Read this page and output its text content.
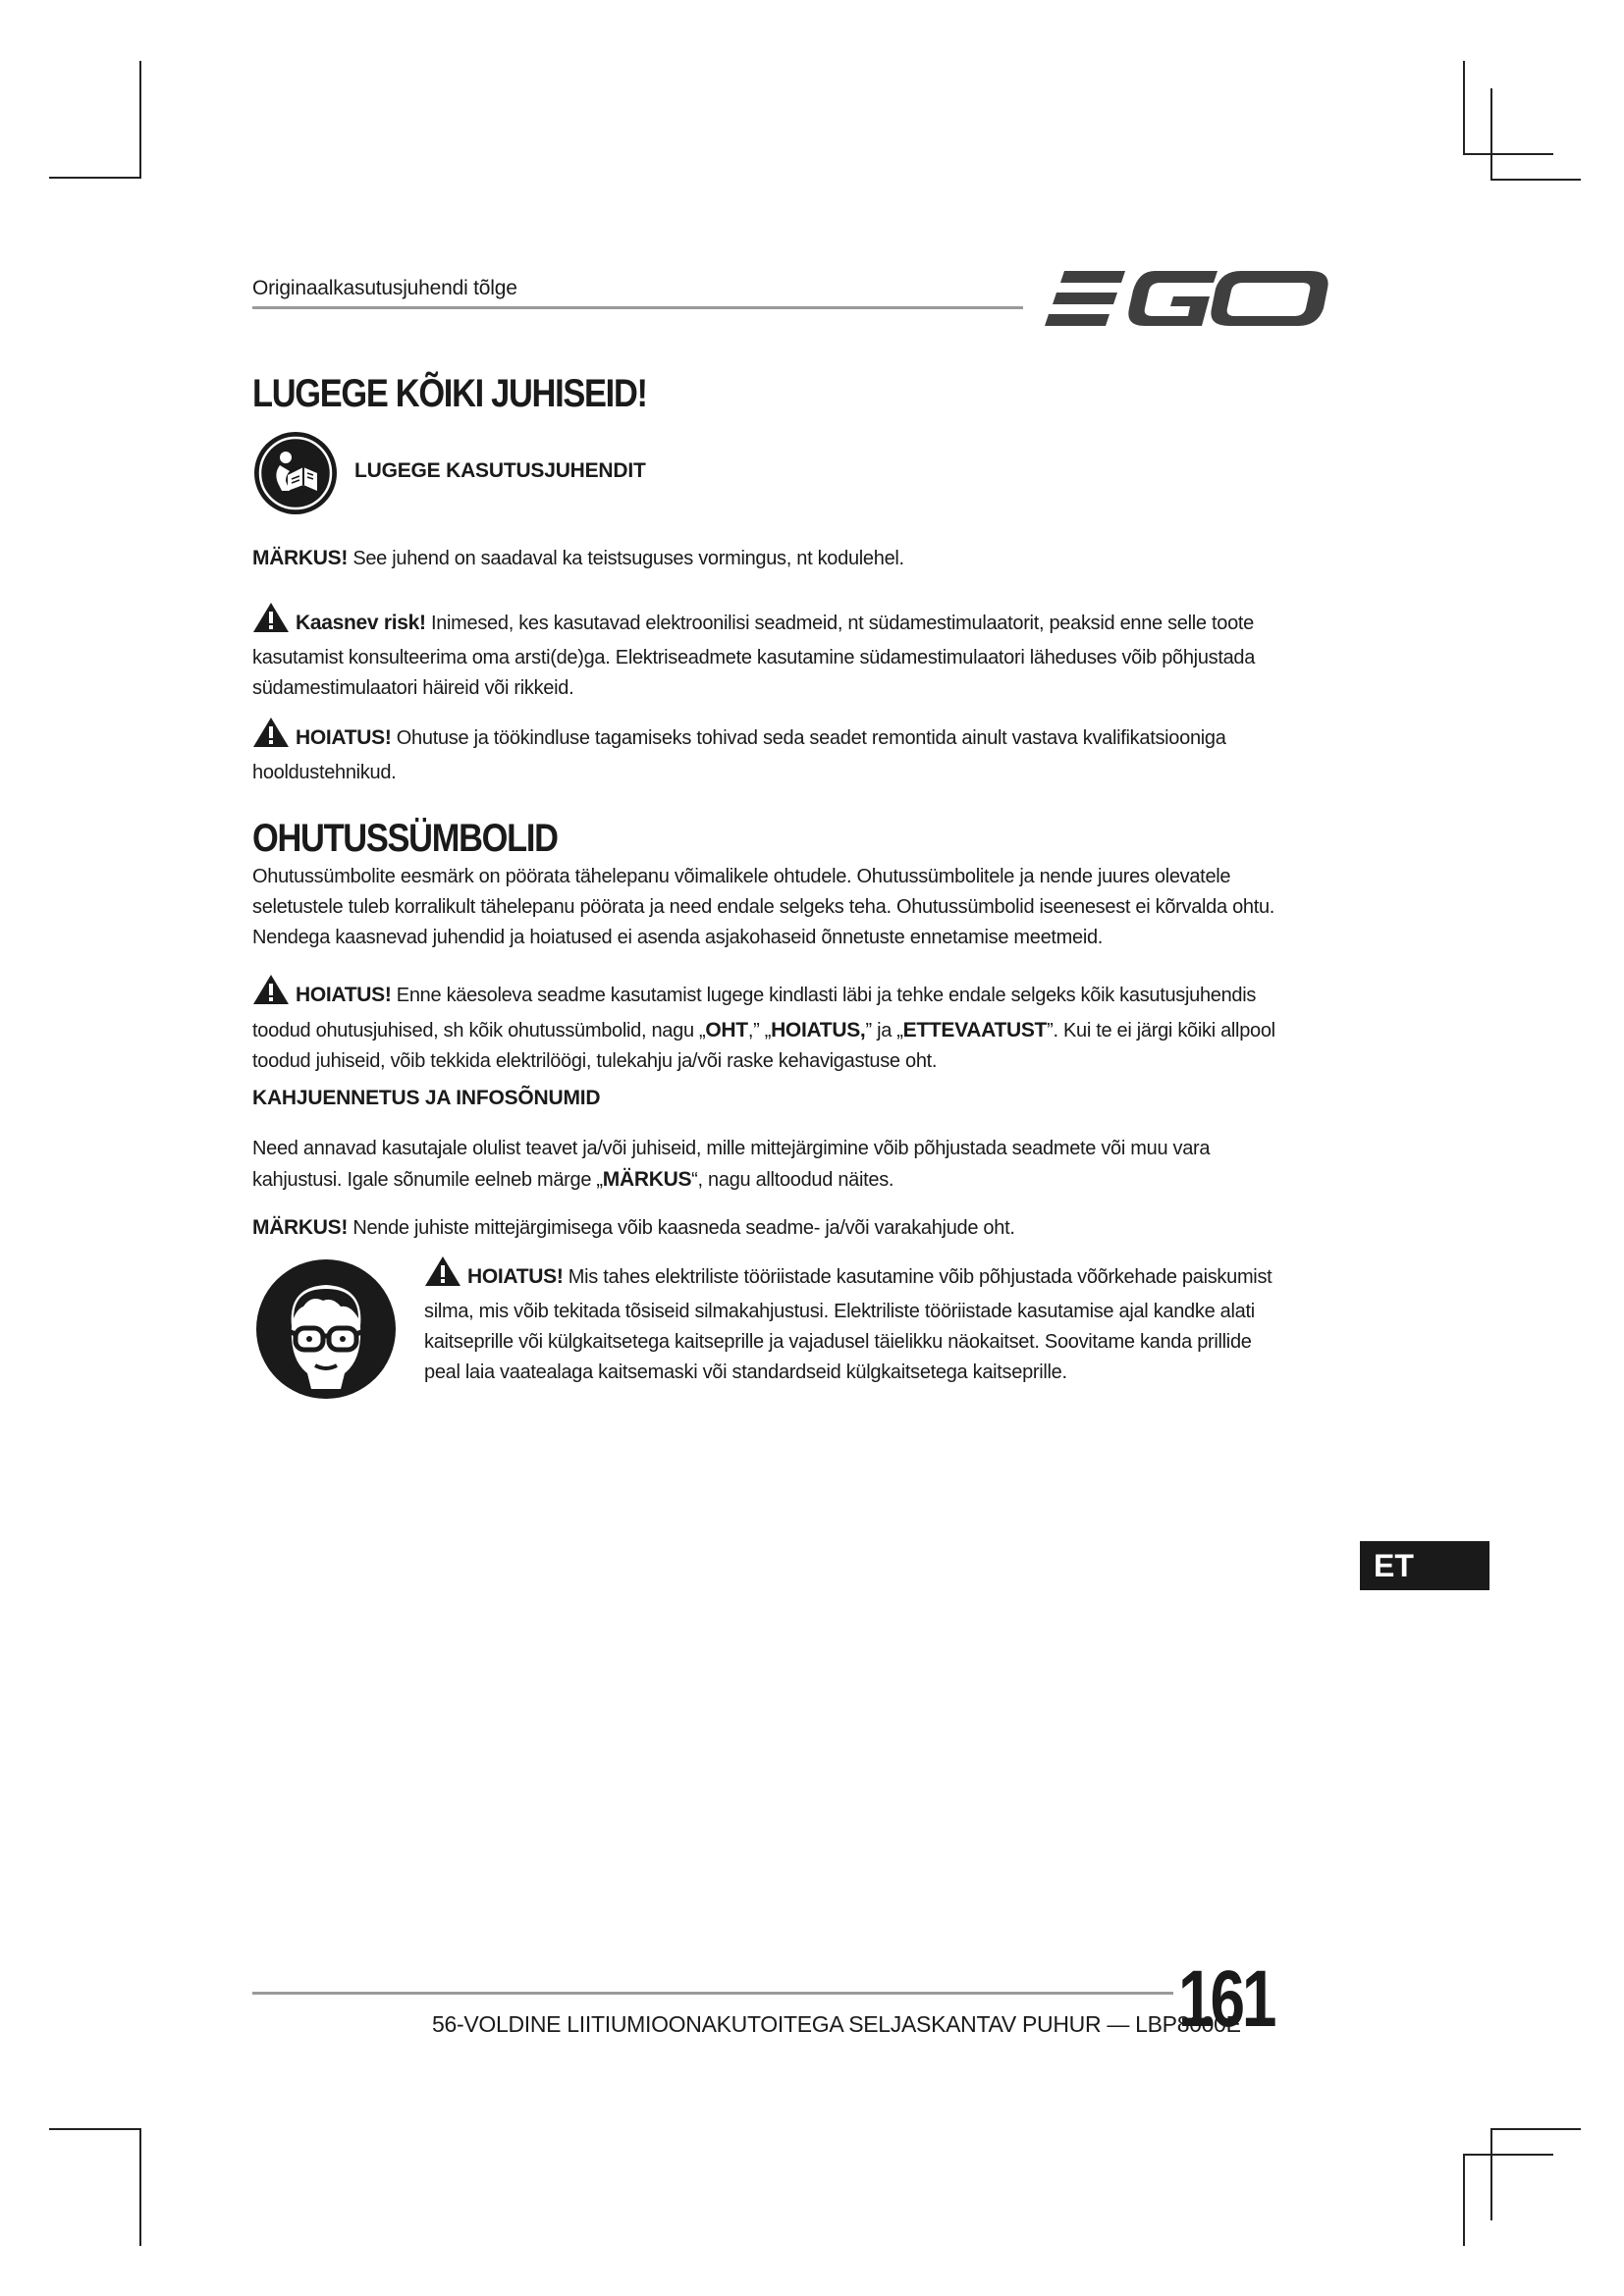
Originaalkasutusjuhendi tõlge
EGO
LUGEGE KÕIKI JUHISEID!
LUGEGE KASUTUSJUHENDIT
MÄRKUS! See juhend on saadaval ka teistsuguses vormingus, nt kodulehel.
Kaasnev risk! Inimesed, kes kasutavad elektroonilisi seadmeid, nt südamestimulaatorit, peaksid enne selle toote
kasutamist konsulteerima oma arsti(de)ga. Elektriseadmete kasutamine südamestimulaatori läheduses võib põhjustada
südamestimulaatori häireid või rikkeid.
HOIATUS! Ohutuse ja töökindluse tagamiseks tohivad seda seadet remontida ainult vastava kvalifikatsiooniga
hooldustehnikud.
OHUTUSSÜMBOLID
Ohutussümbolite eesmärk on pöörata tähelepanu võimalikele ohtudele. Ohutussümbolitele ja nende juures olevatele
seletustele tuleb korralikult tähelepanu pöörata ja need endale selgeks teha. Ohutussümbolid iseenesest ei kõrvalda ohtu.
Nendega kaasnevad juhendid ja hoiatused ei asenda asjakohaseid õnnetuste ennetamise meetmeid.
HOIATUS! Enne käesoleva seadme kasutamist lugege kindlasti läbi ja tehke endale selgeks kõik kasutusjuhendis
toodud ohutusjuhised, sh kõik ohutussümbolid, nagu „OHT,” „HOIATUS,” ja „ETTEVAATUST”. Kui te ei järgi kõiki allpool
toodud juhiseid, võib tekkida elektrilöögi, tulekahju ja/või raske kehavigastuse oht.
KAHJUENNETUS JA INFOSÕNUMID
Need annavad kasutajale olulist teavet ja/või juhiseid, mille mittejärgimine võib põhjustada seadmete või muu vara
kahjustusi. Igale sõnumile eelneb märge „MÄRKUS“, nagu alltoodud näites.
MÄRKUS! Nende juhiste mittejärgimisega võib kaasneda seadme- ja/või varakahjude oht.
HOIATUS! Mis tahes elektriliste tööriistade kasutamine võib põhjustada võõrkehade paiskumist
silma, mis võib tekitada tõsiseid silmakahjustusi. Elektriliste tööriistade kasutamise ajal kandke alati
kaitseprille või külgkaitsetega kaitseprille ja vajadusel täielikku näokaitset. Soovitame kanda prillide
peal laia vaatealaga kaitsemaski või standardseid külgkaitsetega kaitseprille.
ET
56-VOLDINE LIITIUMIOONAKUTOITEGA SELJASKANTAV PUHUR — LBP8000E
161
